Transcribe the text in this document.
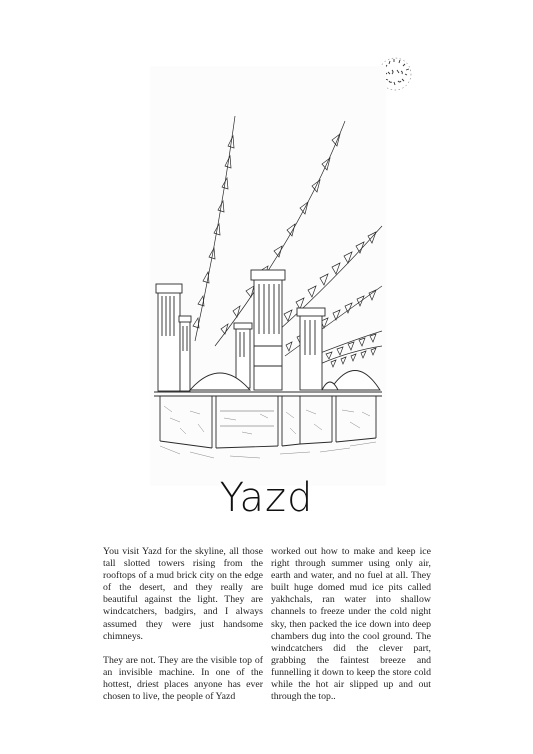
Yazd

You visit Yazd for the skyline, all those tall slotted towers rising from the rooftops of a mud brick city on the edge of the desert, and they really are beautiful against the light. They are windcatchers, badgirs, and I always assumed they were just handsome chimneys.

They are not. They are the visible top of an invisible machine. In one of the hottest, driest places anyone has ever chosen to live, the people of Yazd

worked out how to make and keep ice right through summer using only air, earth and water, and no fuel at all. They built huge domed mud ice pits called yakhchals, ran water into shallow channels to freeze under the cold night sky, then packed the ice down into deep chambers dug into the cool ground. The windcatchers did the clever part, grabbing the faintest breeze and funnelling it down to keep the store cold while the hot air slipped up and out through the top..
